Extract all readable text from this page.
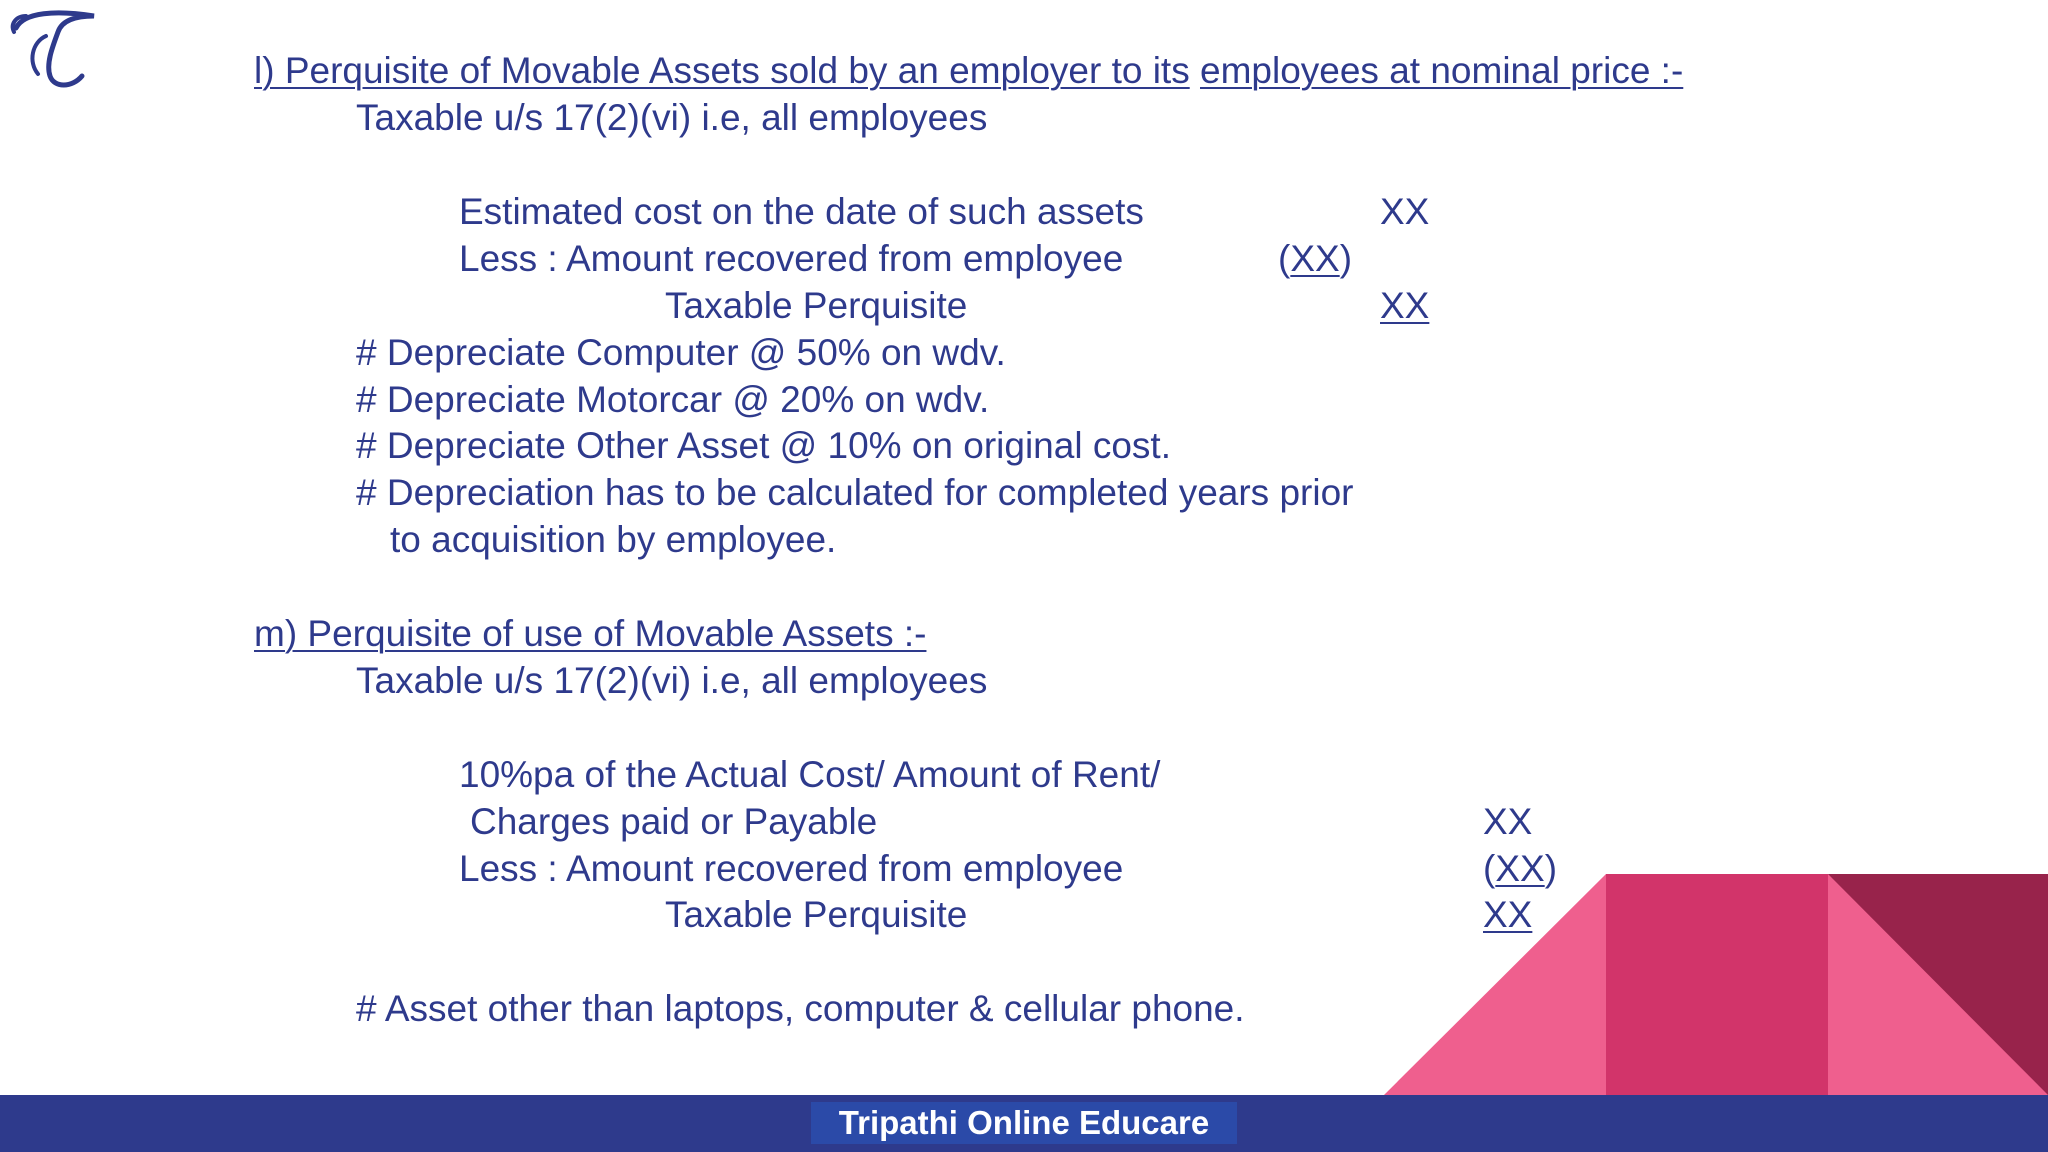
l) Perquisite of Movable Assets sold by an employer to its employees at nominal price :-
Taxable u/s 17(2)(vi) i.e, all employees
Estimated cost on the date of such assets	XX
Less : Amount recovered from employee	(XX)
Taxable Perquisite	XX
# Depreciate Computer @ 50% on wdv.
# Depreciate Motorcar @ 20% on wdv.
# Depreciate Other Asset @ 10% on original cost.
# Depreciation has to be calculated for completed years prior
to acquisition by employee.
m) Perquisite of use of Movable Assets :-
Taxable u/s 17(2)(vi) i.e, all employees
10%pa of the Actual Cost/ Amount of Rent/
Charges paid or Payable	XX
Less : Amount recovered from employee	(XX)
Taxable Perquisite	XX
# Asset other than laptops, computer & cellular phone.
Tripathi Online Educare
